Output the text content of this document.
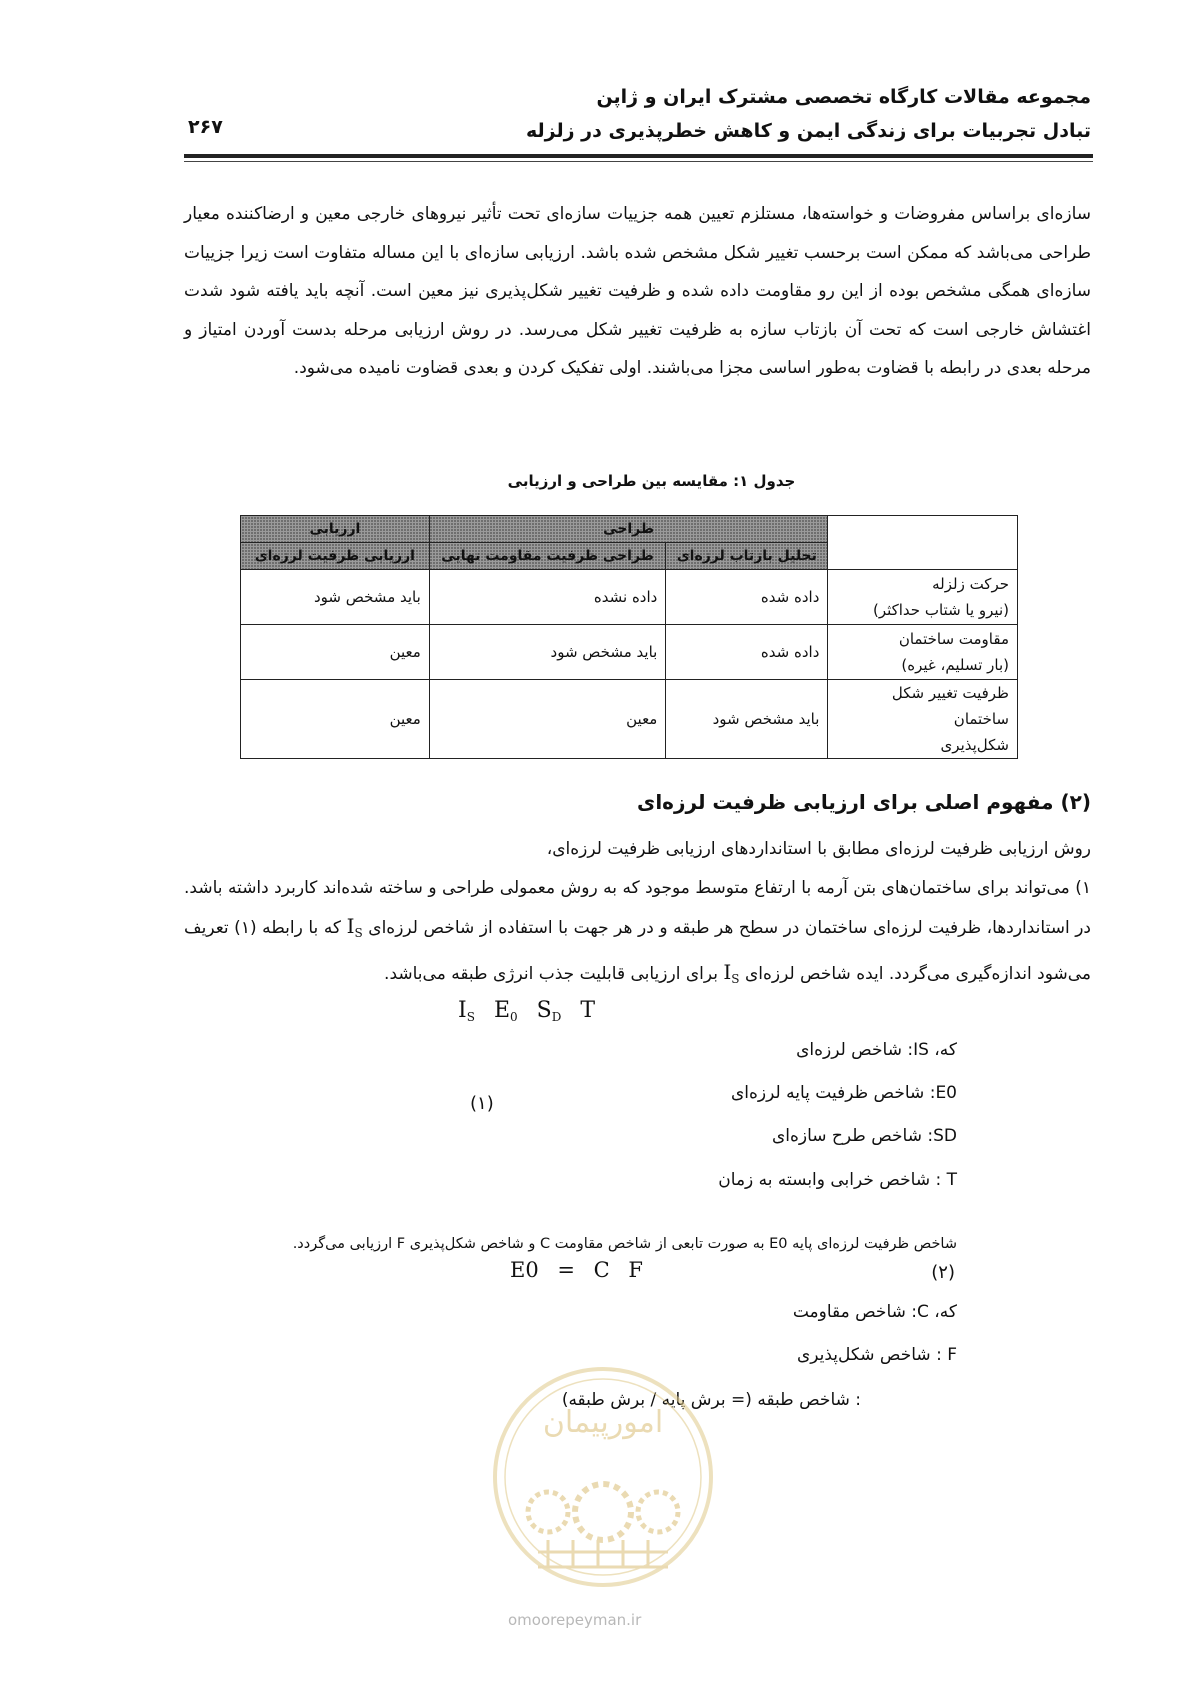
مجموعه مقالات کارگاه تخصصی مشترک ایران و ژاپن
تبادل تجربیات برای زندگی ایمن و کاهش خطرپذیری در زلزله
۲۶۷
سازه‌ای براساس مفروضات و خواسته‌ها، مستلزم تعیین همه جزییات سازه‌ای تحت تأثیر نیروهای خارجی معین و ارضاکننده معیار طراحی می‌باشد که ممکن است برحسب تغییر شکل مشخص شده باشد. ارزیابی سازه‌ای با این مساله متفاوت است زیرا جزییات سازه‌ای همگی مشخص بوده از این رو مقاومت داده شده و ظرفیت تغییر شکل‌پذیری نیز معین است. آنچه باید یافته شود شدت اغتشاش خارجی است که تحت آن بازتاب سازه به ظرفیت تغییر شکل می‌رسد. در روش ارزیابی مرحله بدست آوردن امتیاز و مرحله بعدی در رابطه با قضاوت به‌طور اساسی مجزا می‌باشند. اولی تفکیک کردن و بعدی قضاوت نامیده می‌شود.
جدول ۱: مقایسه بین طراحی و ارزیابی
	طراحی		ارزیابی
	تحلیل بازتاب لرزه‌ای	طراحی ظرفیت مقاومت نهایی	ارزیابی ظرفیت لرزه‌ای

حرکت زلزله
(نیرو یا شتاب حداکثر)	داده شده	داده نشده	باید مشخص شود

مقاومت ساختمان
(بار تسلیم، غیره)	داده شده	باید مشخص شود	معین

ظرفیت تغییر شکل ساختمان
شکل‌پذیری	باید مشخص شود	معین	معین
(۲) مفهوم اصلی برای ارزیابی ظرفیت لرزه‌ای

روش ارزیابی ظرفیت لرزه‌ای مطابق با استانداردهای ارزیابی ظرفیت لرزه‌ای،

۱) می‌تواند برای ساختمان‌های بتن آرمه با ارتفاع متوسط موجود که به روش معمولی طراحی و ساخته شده‌اند کاربرد داشته باشد. در استانداردها، ظرفیت لرزه‌ای ساختمان در سطح هر طبقه و در هر جهت با استفاده از شاخص لرزه‌ای $I_S$ که با رابطه (۱) تعریف می‌شود اندازه‌گیری می‌گردد. ایده شاخص لرزه‌ای $I_S$ برای ارزیابی قابلیت جذب انرژی طبقه می‌باشد.

$I_S$ $E_0$ $S_D$ T
که، IS: شاخص لرزه‌ای
E0: شاخص ظرفیت پایه لرزه‌ای
(۱)
SD: شاخص طرح سازه‌ای
T : شاخص خرابی وابسته به زمان
شاخص ظرفیت لرزه‌ای پایه E0 به صورت تابعی از شاخص مقاومت C و شاخص شکل‌پذیری F ارزیابی می‌گردد.
E0 = C F	(۲)
که، C: شاخص مقاومت
F : شاخص شکل‌پذیری
: شاخص طبقه (= برش پایه / برش طبقه)
امورپیمان
omoorepeyman.ir
